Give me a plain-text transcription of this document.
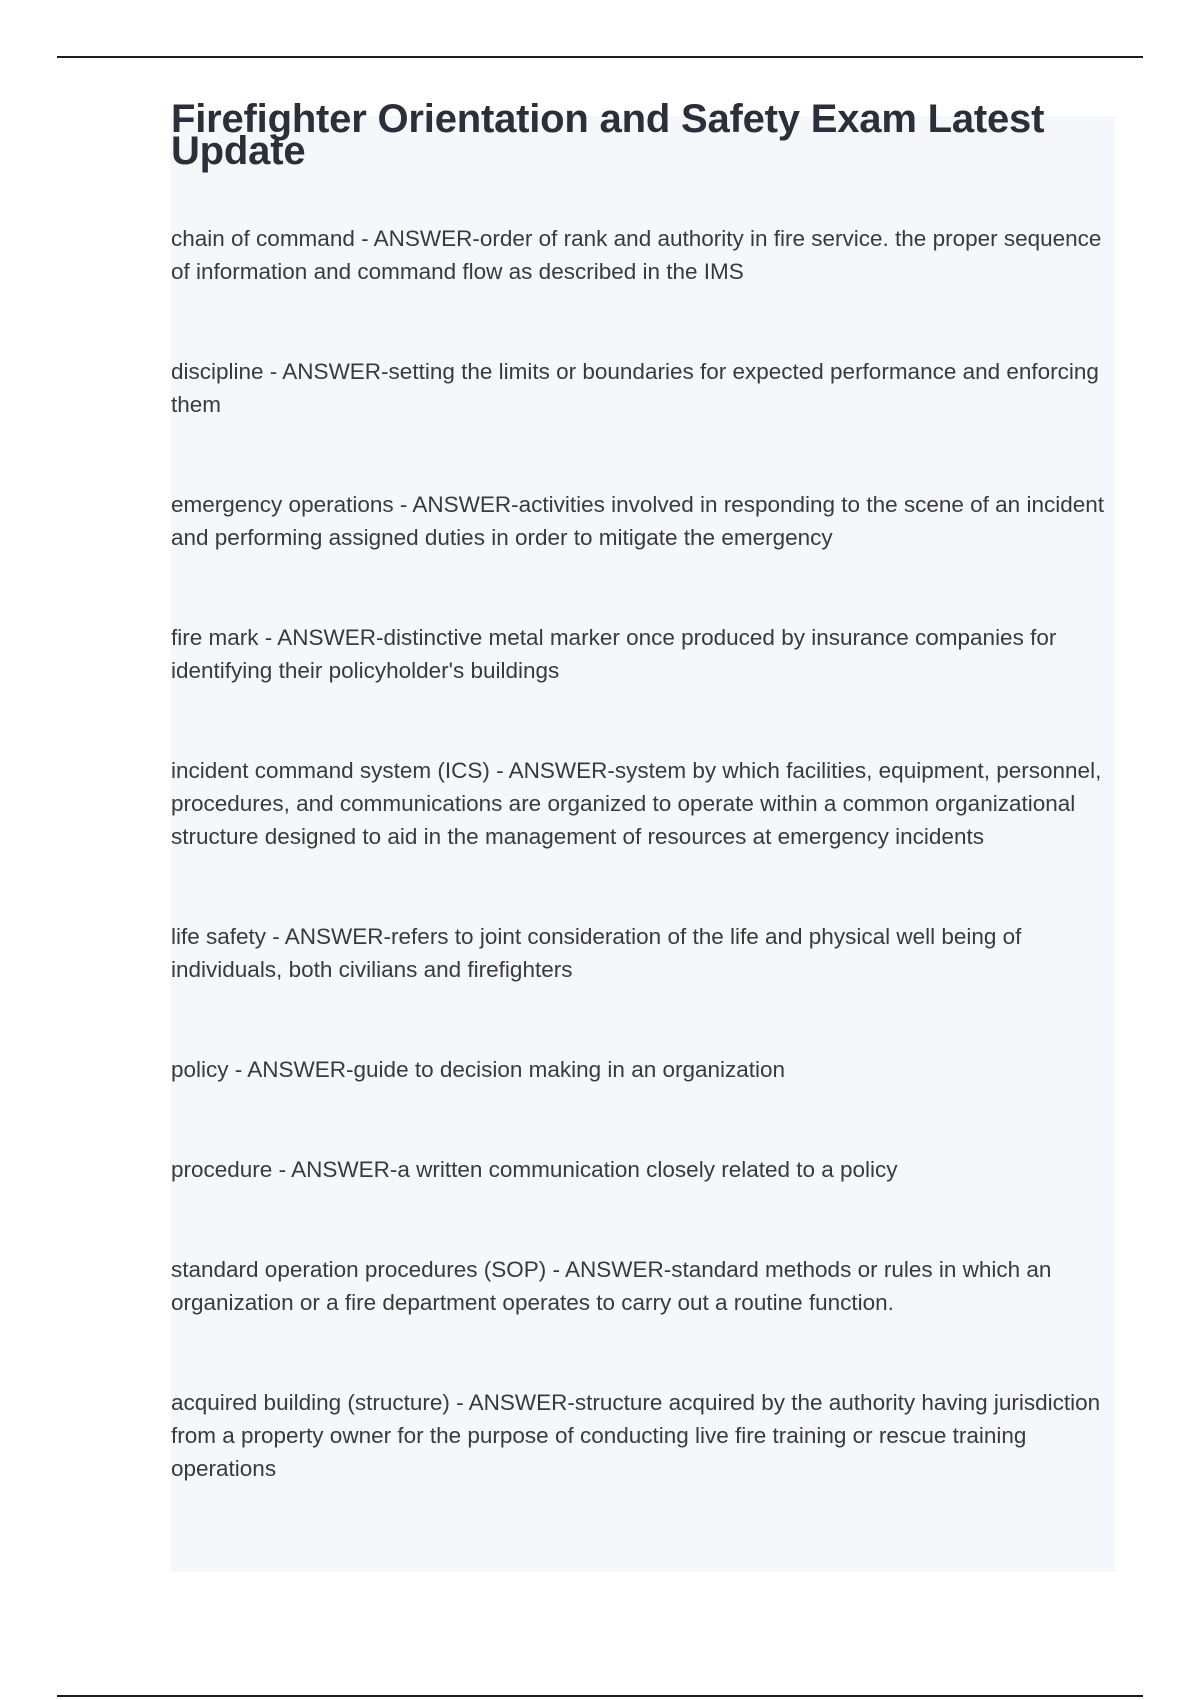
Firefighter Orientation and Safety Exam Latest Update
chain of command - ANSWER-order of rank and authority in fire service. the proper sequence of information and command flow as described in the IMS
discipline - ANSWER-setting the limits or boundaries for expected performance and enforcing them
emergency operations - ANSWER-activities involved in responding to the scene of an incident and performing assigned duties in order to mitigate the emergency
fire mark - ANSWER-distinctive metal marker once produced by insurance companies for identifying their policyholder's buildings
incident command system (ICS) - ANSWER-system by which facilities, equipment, personnel, procedures, and communications are organized to operate within a common organizational structure designed to aid in the management of resources at emergency incidents
life safety - ANSWER-refers to joint consideration of the life and physical well being of individuals, both civilians and firefighters
policy - ANSWER-guide to decision making in an organization
procedure - ANSWER-a written communication closely related to a policy
standard operation procedures (SOP) - ANSWER-standard methods or rules in which an organization or a fire department operates to carry out a routine function.
acquired building (structure) - ANSWER-structure acquired by the authority having jurisdiction from a property owner for the purpose of conducting live fire training or rescue training operations
